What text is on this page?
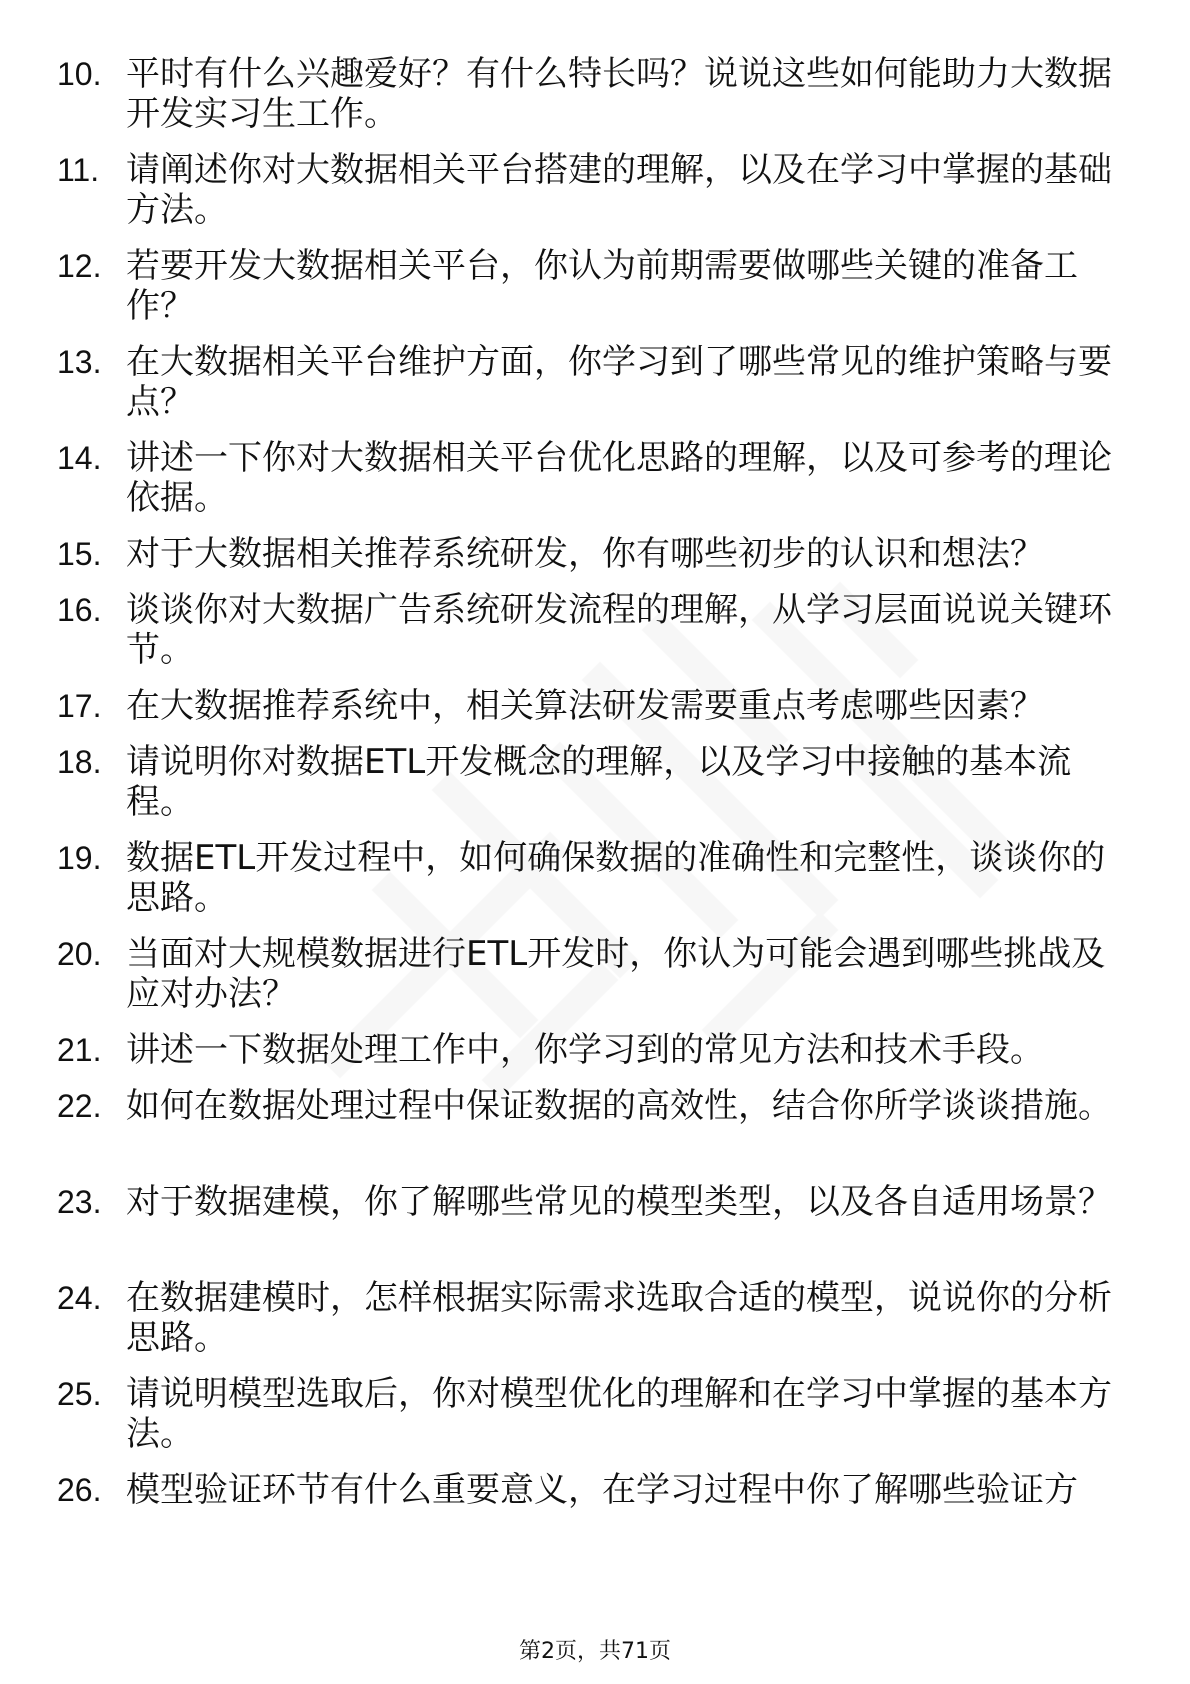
10. 平时有什么兴趣爱好？有什么特长吗？说说这些如何能助力大数据开发实习生工作。
11. 请阐述你对大数据相关平台搭建的理解，以及在学习中掌握的基础方法。
12. 若要开发大数据相关平台，你认为前期需要做哪些关键的准备工作？
13. 在大数据相关平台维护方面，你学习到了哪些常见的维护策略与要点？
14. 讲述一下你对大数据相关平台优化思路的理解，以及可参考的理论依据。
15. 对于大数据相关推荐系统研发，你有哪些初步的认识和想法？
16. 谈谈你对大数据广告系统研发流程的理解，从学习层面说说关键环节。
17. 在大数据推荐系统中，相关算法研发需要重点考虑哪些因素？
18. 请说明你对数据ETL开发概念的理解，以及学习中接触的基本流程。
19. 数据ETL开发过程中，如何确保数据的准确性和完整性，谈谈你的思路。
20. 当面对大规模数据进行ETL开发时，你认为可能会遇到哪些挑战及应对办法？
21. 讲述一下数据处理工作中，你学习到的常见方法和技术手段。
22. 如何在数据处理过程中保证数据的高效性，结合你所学谈谈措施。
23. 对于数据建模，你了解哪些常见的模型类型，以及各自适用场景？
24. 在数据建模时，怎样根据实际需求选取合适的模型，说说你的分析思路。
25. 请说明模型选取后，你对模型优化的理解和在学习中掌握的基本方法。
26. 模型验证环节有什么重要意义，在学习过程中你了解哪些验证方
第2页，共71页
